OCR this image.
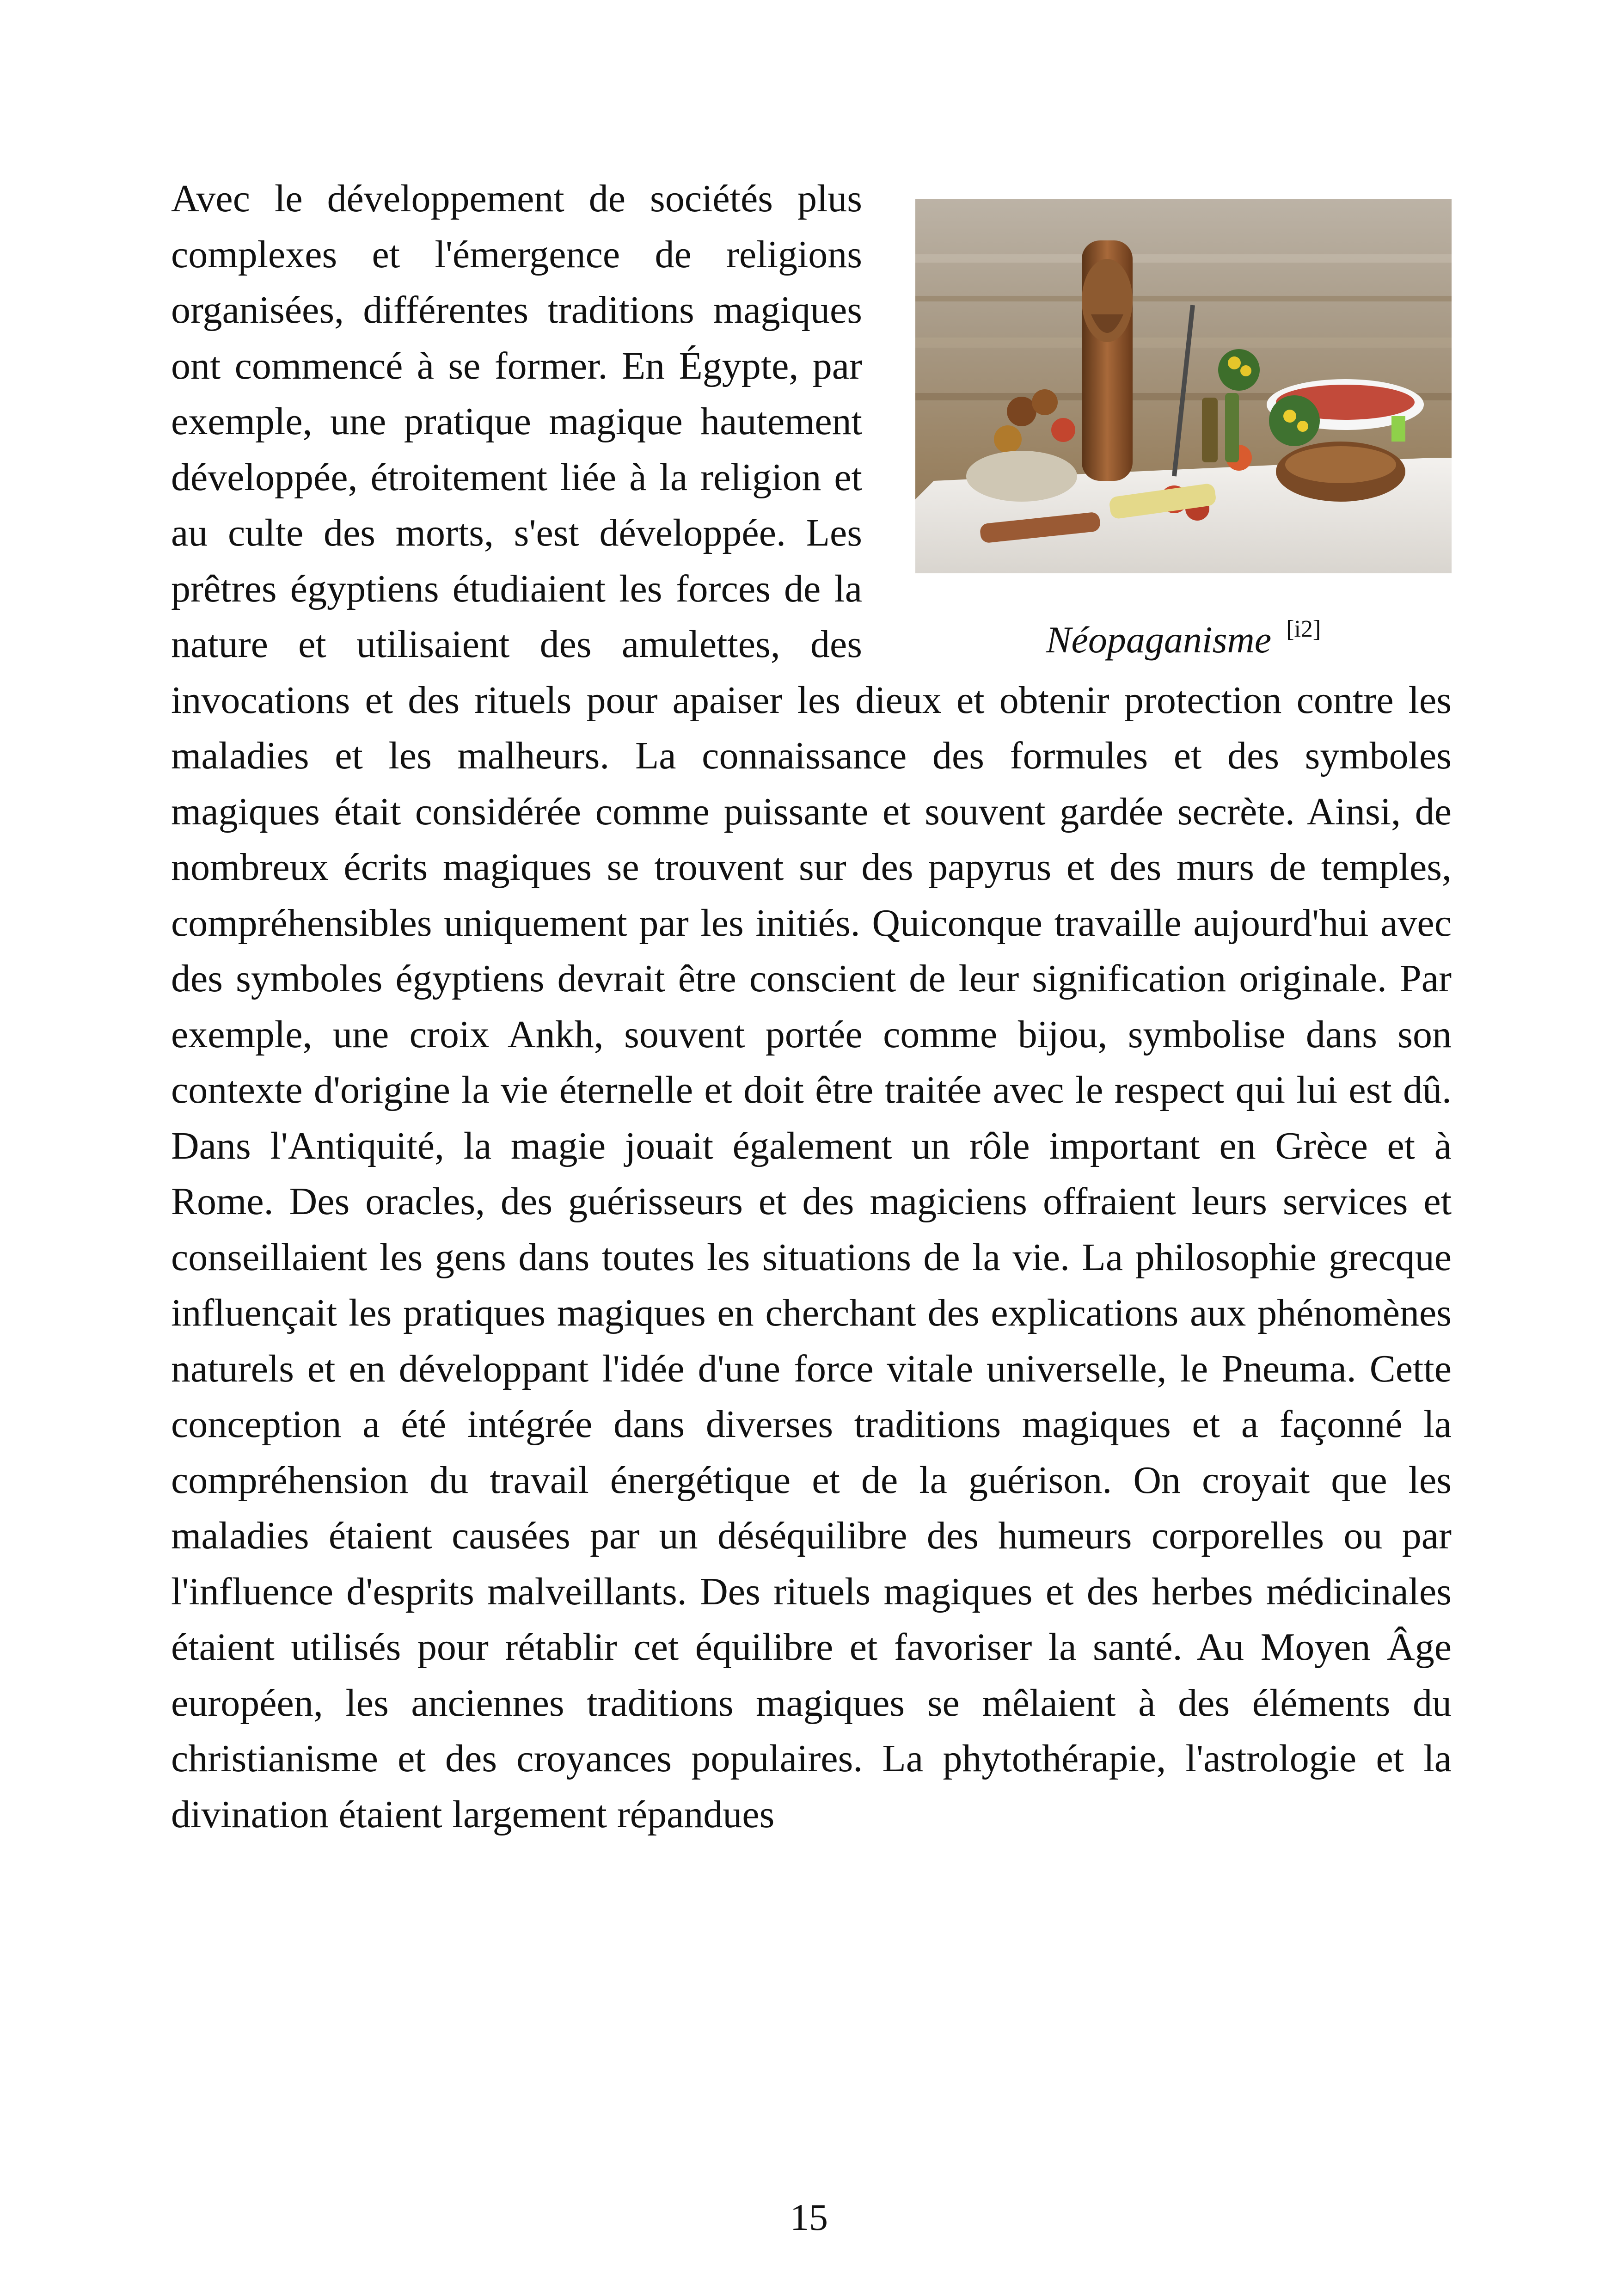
Néopaganisme [i2]

Avec le développement de sociétés plus complexes et l'émergence de religions organisées, différentes traditions magiques ont commencé à se former. En Égypte, par exemple, une pratique magique hautement développée, étroitement liée à la religion et au culte des morts, s'est développée. Les prêtres égyptiens étudiaient les forces de la nature et utilisaient des amulettes, des invocations et des rituels pour apaiser les dieux et obtenir protection contre les maladies et les malheurs. La connaissance des formules et des symboles magiques était considérée comme puissante et souvent gardée secrète. Ainsi, de nombreux écrits magiques se trouvent sur des papyrus et des murs de temples, compréhensibles uniquement par les initiés. Quiconque travaille aujourd'hui avec des symboles égyptiens devrait être conscient de leur signification originale. Par exemple, une croix Ankh, souvent portée comme bijou, symbolise dans son contexte d'origine la vie éternelle et doit être traitée avec le respect qui lui est dû. Dans l'Antiquité, la magie jouait également un rôle important en Grèce et à Rome. Des oracles, des guérisseurs et des magiciens offraient leurs services et conseillaient les gens dans toutes les situations de la vie. La philosophie grecque influençait les pratiques magiques en cherchant des explications aux phénomènes naturels et en développant l'idée d'une force vitale universelle, le Pneuma. Cette conception a été intégrée dans diverses traditions magiques et a façonné la compréhension du travail énergétique et de la guérison. On croyait que les maladies étaient causées par un déséquilibre des humeurs corporelles ou par l'influence d'esprits malveillants. Des rituels magiques et des herbes médicinales étaient utilisés pour rétablir cet équilibre et favoriser la santé. Au Moyen Âge européen, les anciennes traditions magiques se mêlaient à des éléments du christianisme et des croyances populaires. La phytothérapie, l'astrologie et la divination étaient largement répandues

15
